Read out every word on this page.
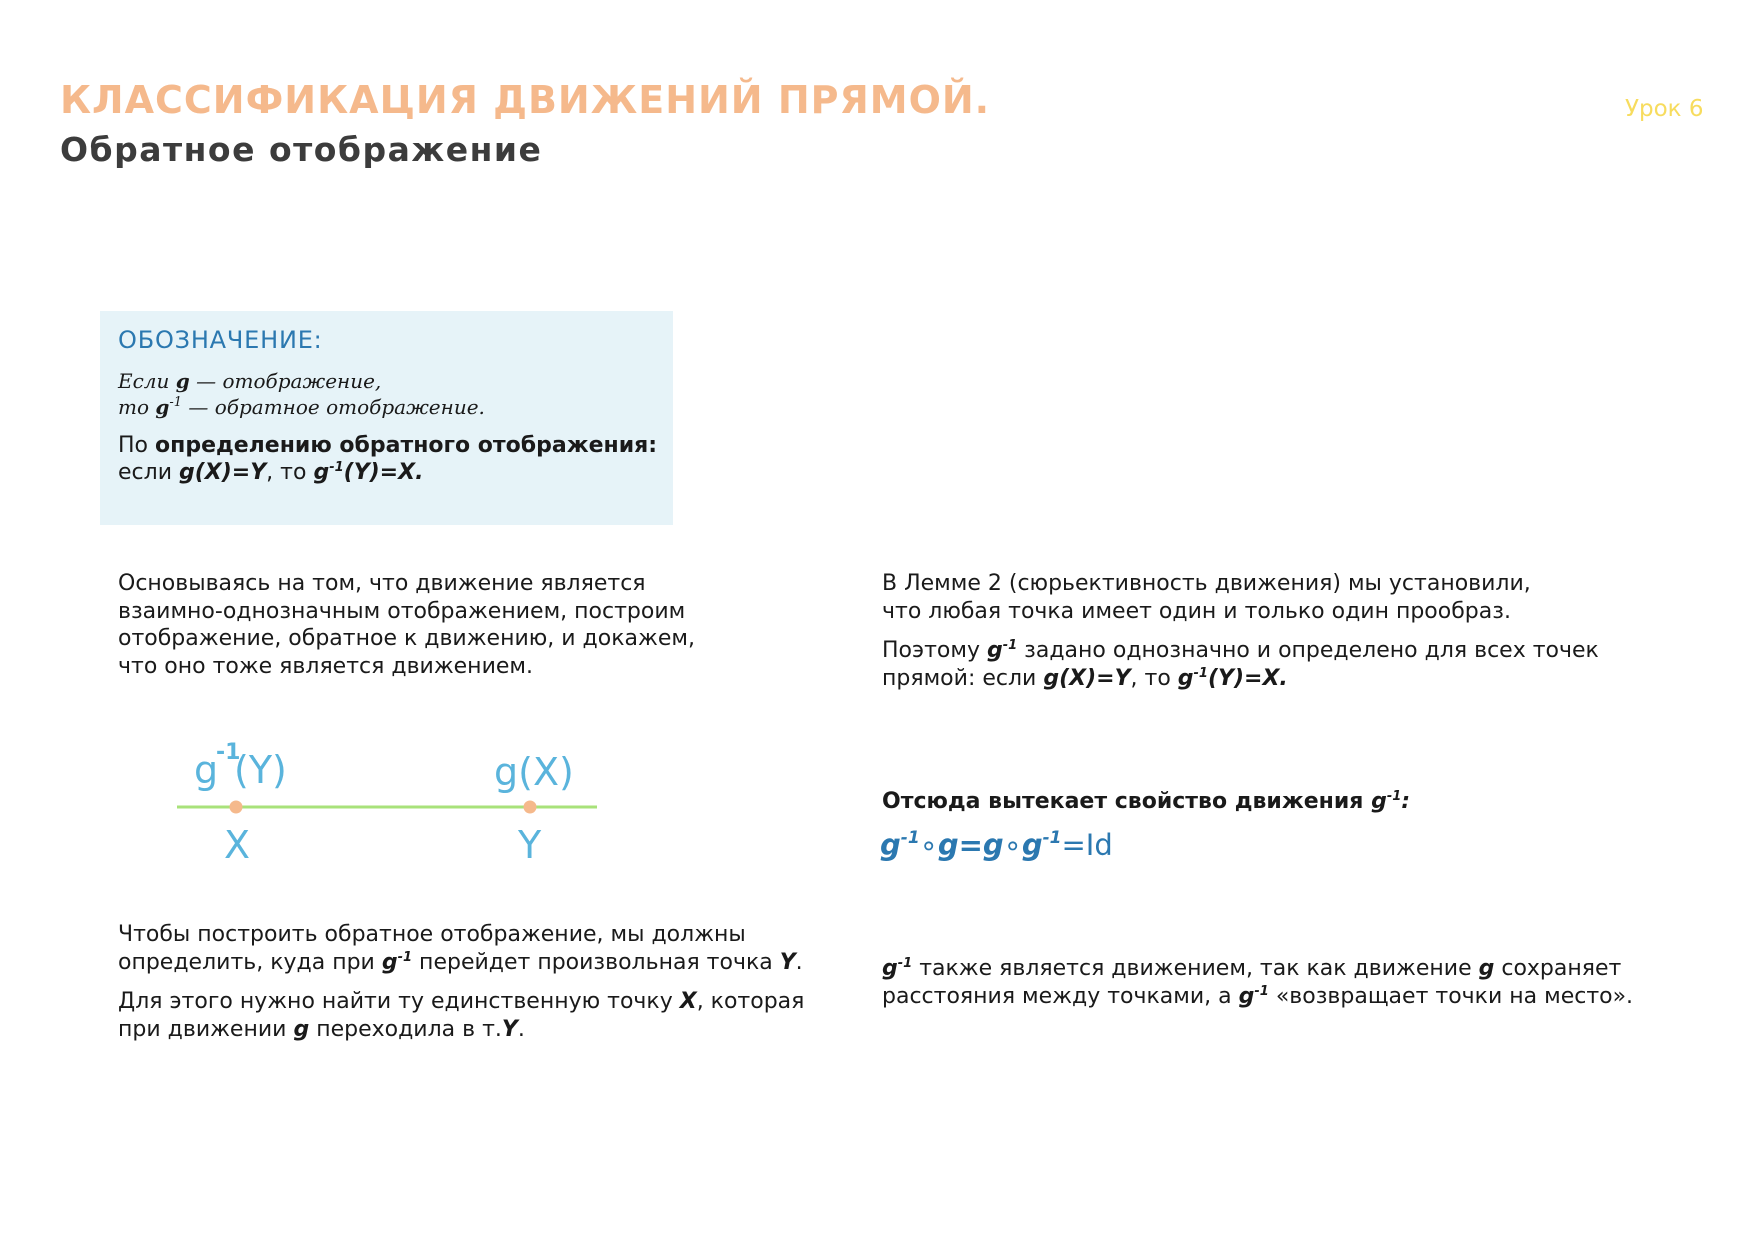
КЛАССИФИКАЦИЯ ДВИЖЕНИЙ ПРЯМОЙ.
Обратное отображение
Урок 6
ОБОЗНАЧЕНИЕ:
Если g — отображение,
то $g^{-1}$ — обратное отображение.
По определению обратного отображения:
если g(X)=Y, то $g^{-1}(Y)=X$.
Основываясь на том, что движение является
взаимно-однозначным отображением, построим
отображение, обратное к движению, и докажем,
что оно тоже является движением.
g
-1
(Y)	g(X)
X	Y
Чтобы построить обратное отображение, мы должны
определить, куда при $g^{-1}$ перейдет произвольная точка Y.
Для этого нужно найти ту единственную точку X, которая
при движении g переходила в т.Y.
В Лемме 2 (сюрьективность движения) мы установили,
что любая точка имеет один и только один прообраз.
Поэтому $g^{-1}$ задано однозначно и определено для всех точек
прямой: если g(X)=Y, то $g^{-1}(Y)=X$.
Отсюда вытекает свойство движения $g^{-1}$:
$g^{-1}\circ g=g\circ g^{-1}=Id$
$g^{-1}$ также является движением, так как движение g сохраняет
расстояния между точками, а $g^{-1}$ «возвращает точки на место».
